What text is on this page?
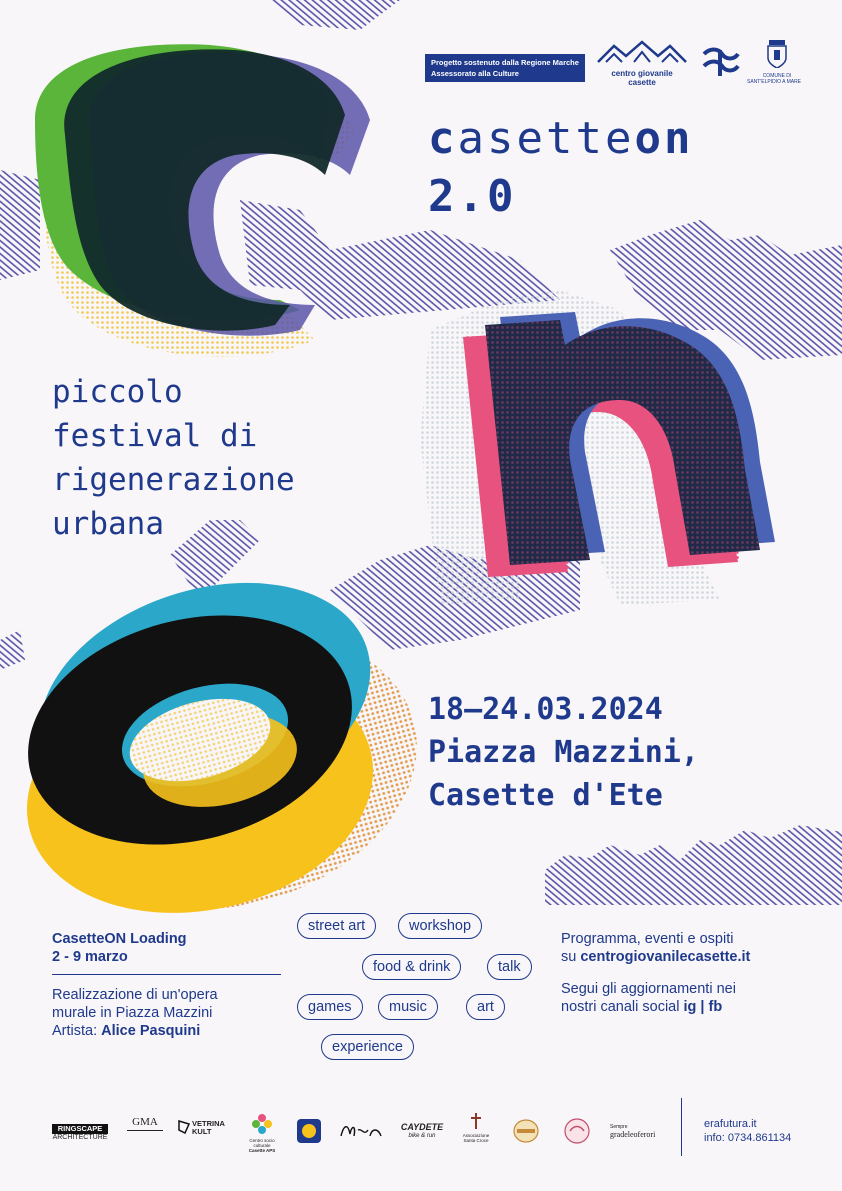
Progetto sostenuto dalla Regione Marche
Assessorato alla Culture	centro giovanile
casette
COMUNE DI
SANT'ELPIDIO A MARE
casetteon
2.0
piccolo
festival di
rigenerazione
urbana
18—24.03.2024
Piazza Mazzini,
Casette d'Ete
CasetteON Loading
2 - 9 marzo
Realizzazione di un'opera
murale in Piazza Mazzini
Artista: Alice Pasquini
street art	workshop
food & drink	talk
games	music	art
experience
Programma, eventi e ospiti
su centrogiovanilecasette.it
Segui gli aggiornamenti nei
nostri canali social ig | fb
RINGSCAPE
ARCHITECTURE
GMA	VETRINA
KULT
Centro socio culturale
Casette APS
CAYDETE
bike & run	Associazione
Santa Croce
Sempre
gradeleoferori
erafutura.it
info: 0734.861134
